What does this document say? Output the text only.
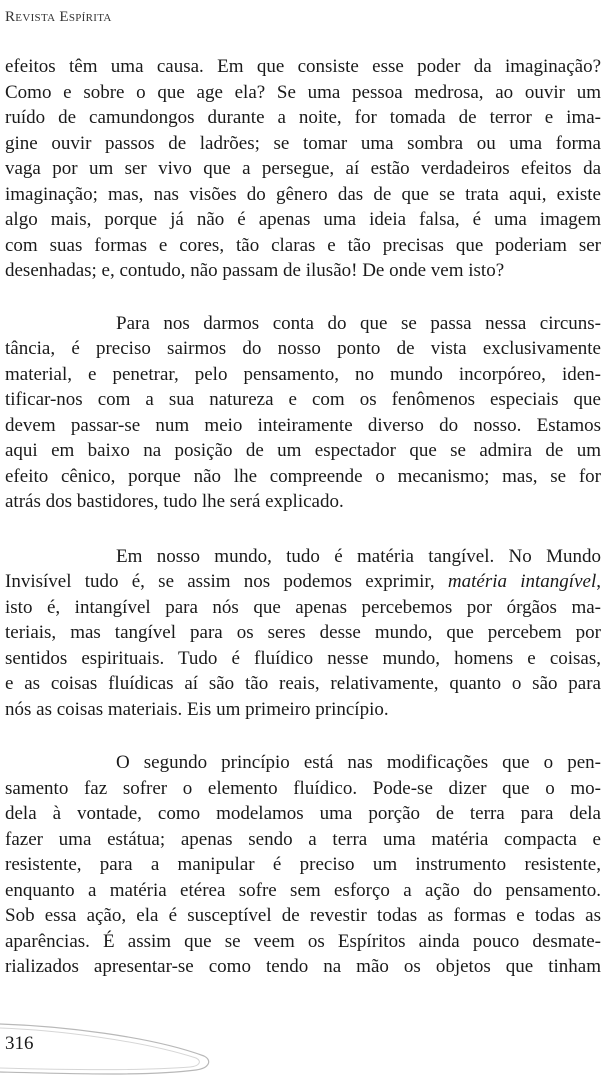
Revista Espírita
efeitos têm uma causa. Em que consiste esse poder da imaginação?
Como e sobre o que age ela? Se uma pessoa medrosa, ao ouvir um
ruído de camundongos durante a noite, for tomada de terror e ima-
gine ouvir passos de ladrões; se tomar uma sombra ou uma forma
vaga por um ser vivo que a persegue, aí estão verdadeiros efeitos da
imaginação; mas, nas visões do gênero das de que se trata aqui, existe
algo mais, porque já não é apenas uma ideia falsa, é uma imagem
com suas formas e cores, tão claras e tão precisas que poderiam ser
desenhadas; e, contudo, não passam de ilusão! De onde vem isto?
Para nos darmos conta do que se passa nessa circuns-
tância, é preciso sairmos do nosso ponto de vista exclusivamente
material, e penetrar, pelo pensamento, no mundo incorpóreo, iden-
tificar-nos com a sua natureza e com os fenômenos especiais que
devem passar-se num meio inteiramente diverso do nosso. Estamos
aqui em baixo na posição de um espectador que se admira de um
efeito cênico, porque não lhe compreende o mecanismo; mas, se for
atrás dos bastidores, tudo lhe será explicado.
Em nosso mundo, tudo é matéria tangível. No Mundo
Invisível tudo é, se assim nos podemos exprimir, matéria intangível,
isto é, intangível para nós que apenas percebemos por órgãos ma-
teriais, mas tangível para os seres desse mundo, que percebem por
sentidos espirituais. Tudo é fluídico nesse mundo, homens e coisas,
e as coisas fluídicas aí são tão reais, relativamente, quanto o são para
nós as coisas materiais. Eis um primeiro princípio.
O segundo princípio está nas modificações que o pen-
samento faz sofrer o elemento fluídico. Pode-se dizer que o mo-
dela à vontade, como modelamos uma porção de terra para dela
fazer uma estátua; apenas sendo a terra uma matéria compacta e
resistente, para a manipular é preciso um instrumento resistente,
enquanto a matéria etérea sofre sem esforço a ação do pensamento.
Sob essa ação, ela é susceptível de revestir todas as formas e todas as
aparências. É assim que se veem os Espíritos ainda pouco desmate-
rializados apresentar-se como tendo na mão os objetos que tinham
316
